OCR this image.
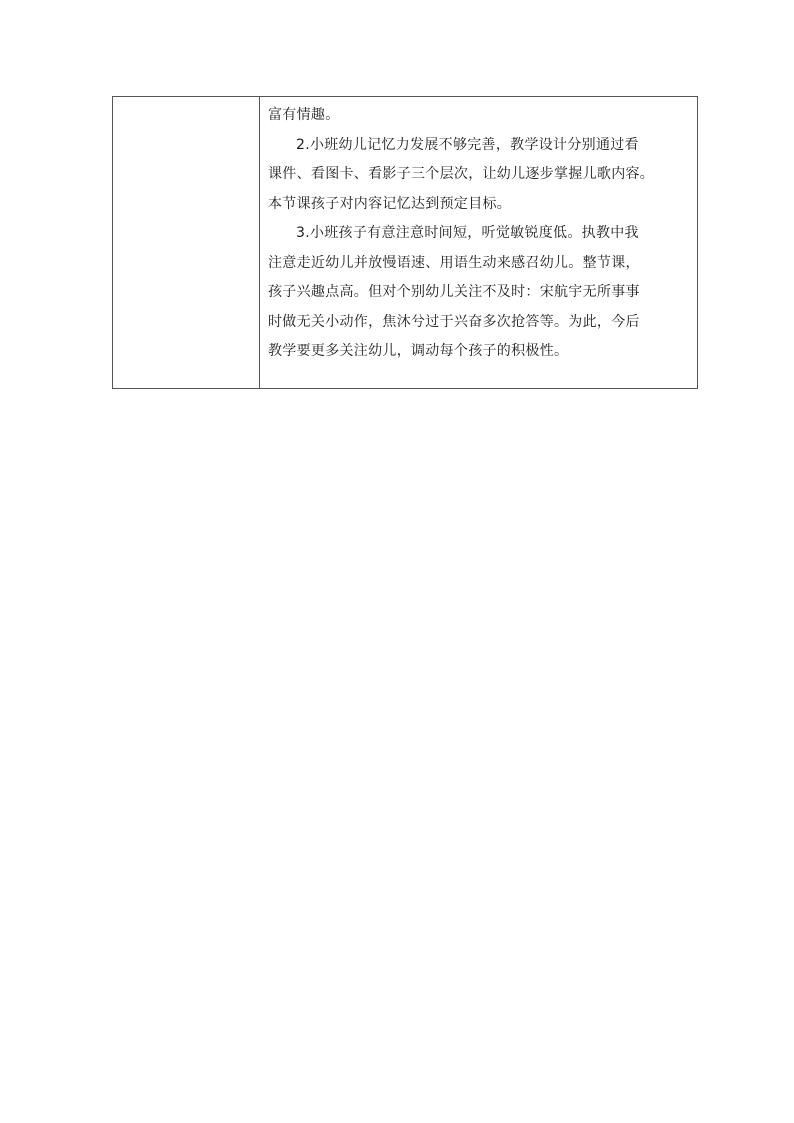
富有情趣。

2.小班幼儿记忆力发展不够完善，教学设计分别通过看
课件、看图卡、看影子三个层次，让幼儿逐步掌握儿歌内容。
本节课孩子对内容记忆达到预定目标。

3.小班孩子有意注意时间短，听觉敏锐度低。执教中我
注意走近幼儿并放慢语速、用语生动来感召幼儿。整节课，
孩子兴趣点高。但对个别幼儿关注不及时：宋航宇无所事事
时做无关小动作，焦沐兮过于兴奋多次抢答等。为此，今后
教学要更多关注幼儿，调动每个孩子的积极性。
